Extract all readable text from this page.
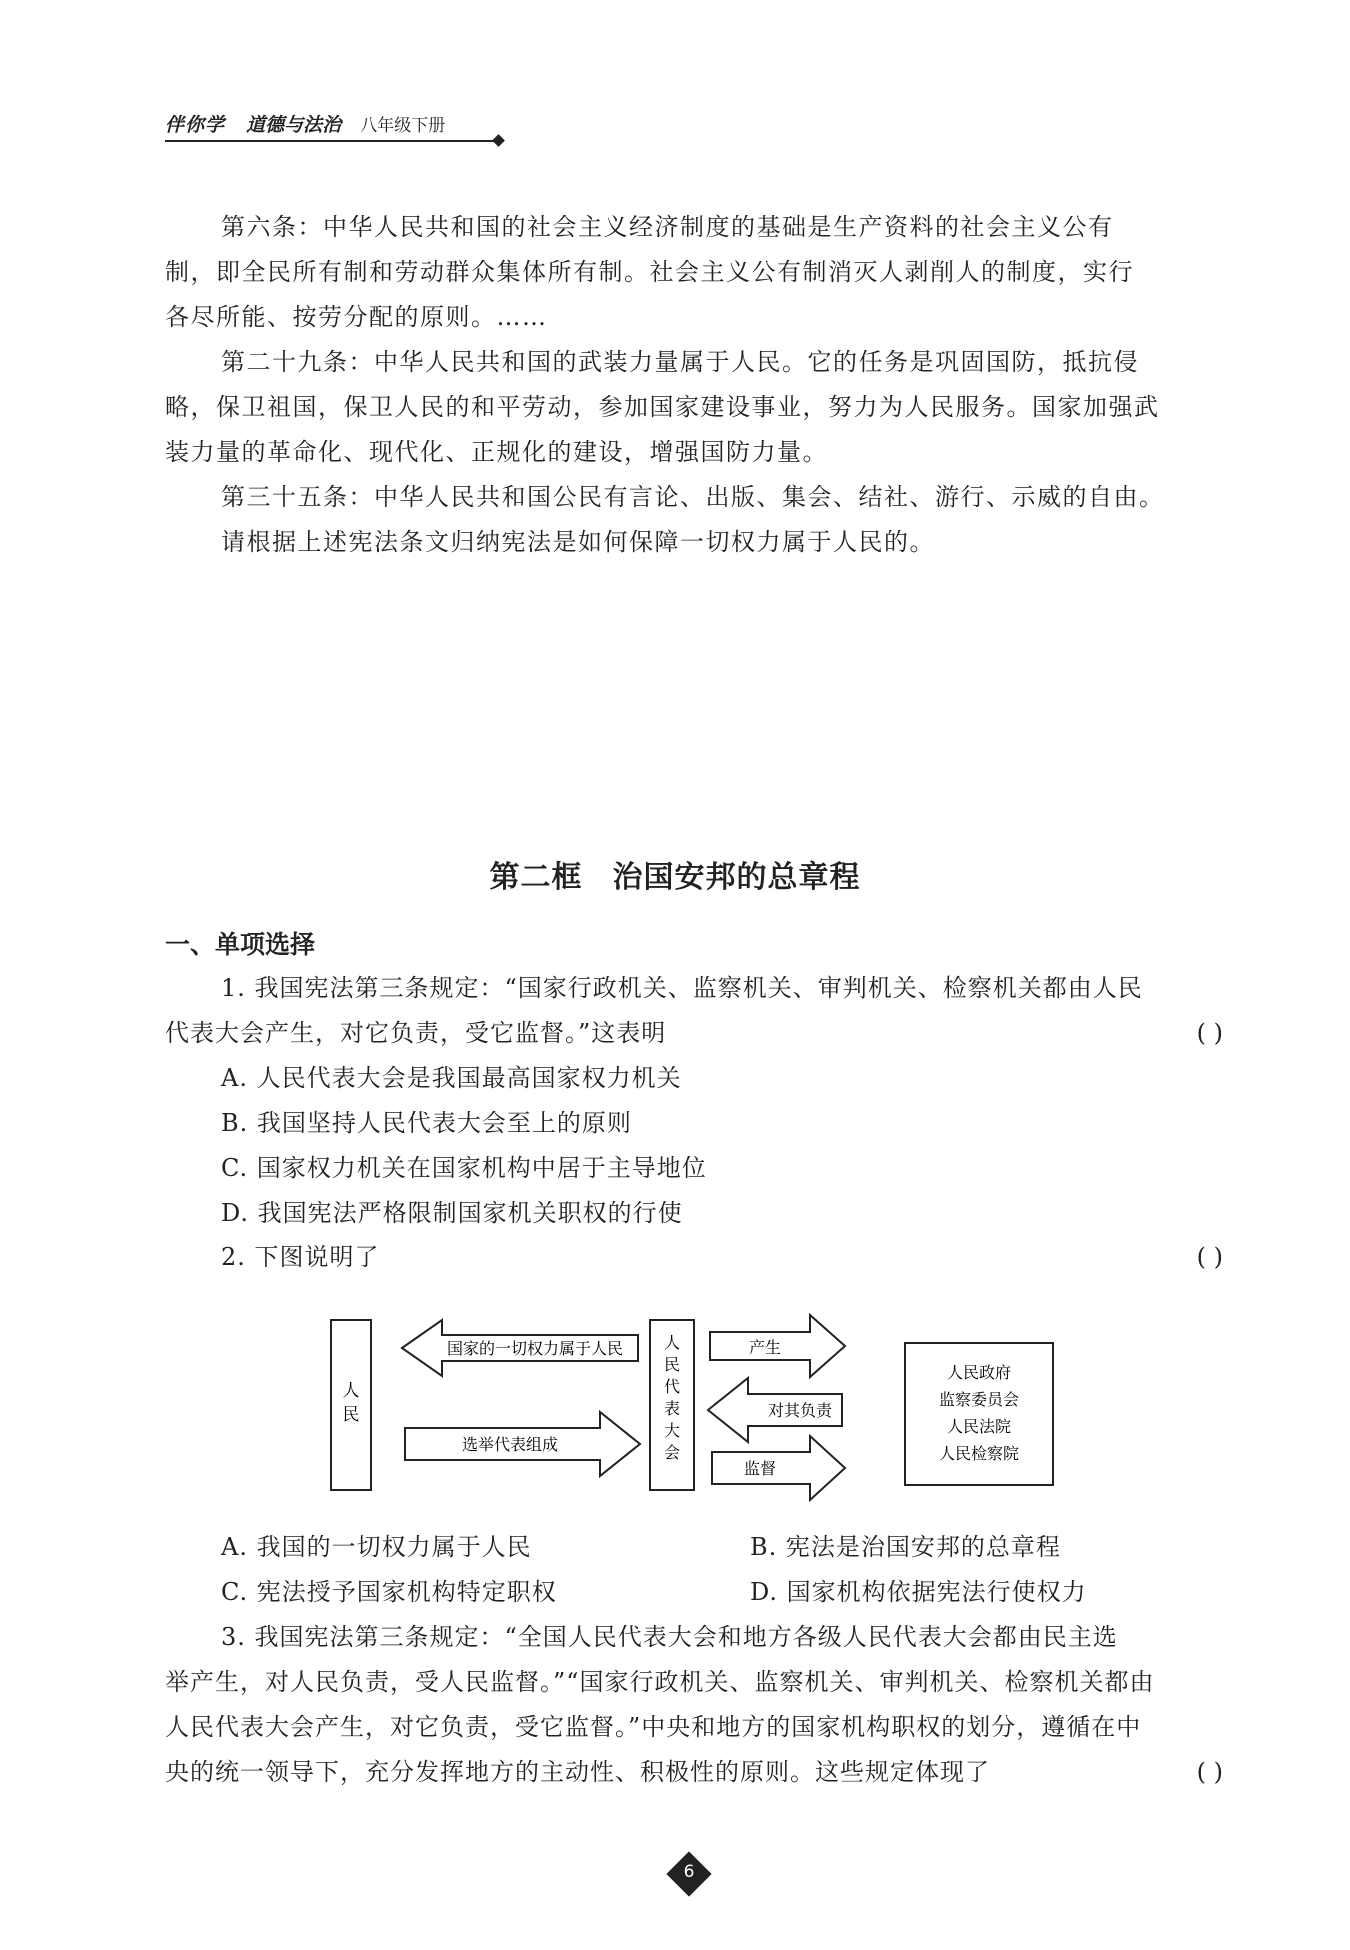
伴你学 道德与法治 八年级下册

第六条：中华人民共和国的社会主义经济制度的基础是生产资料的社会主义公有

制，即全民所有制和劳动群众集体所有制。社会主义公有制消灭人剥削人的制度，实行

各尽所能、按劳分配的原则。……

第二十九条：中华人民共和国的武装力量属于人民。它的任务是巩固国防，抵抗侵

略，保卫祖国，保卫人民的和平劳动，参加国家建设事业，努力为人民服务。国家加强武

装力量的革命化、现代化、正规化的建设，增强国防力量。

第三十五条：中华人民共和国公民有言论、出版、集会、结社、游行、示威的自由。

请根据上述宪法条文归纳宪法是如何保障一切权力属于人民的。

第二框 治国安邦的总章程
一、单项选择
1. 我国宪法第三条规定：“国家行政机关、监察机关、审判机关、检察机关都由人民
代表大会产生，对它负责，受它监督。”这表明	( )
A. 人民代表大会是我国最高国家权力机关
B. 我国坚持人民代表大会至上的原则
C. 国家权力机关在国家机构中居于主导地位
D. 我国宪法严格限制国家机关职权的行使
2. 下图说明了	( )
人
民
国家的一切权力属于人民
选举代表组成
人
民
代
表
大
会
产生
对其负责
监督
人民政府
监察委员会
人民法院
人民检察院
A. 我国的一切权力属于人民	B. 宪法是治国安邦的总章程
C. 宪法授予国家机构特定职权	D. 国家机构依据宪法行使权力
3. 我国宪法第三条规定：“全国人民代表大会和地方各级人民代表大会都由民主选
举产生，对人民负责，受人民监督。”“国家行政机关、监察机关、审判机关、检察机关都由
人民代表大会产生，对它负责，受它监督。”中央和地方的国家机构职权的划分，遵循在中
央的统一领导下，充分发挥地方的主动性、积极性的原则。这些规定体现了	( )
6
